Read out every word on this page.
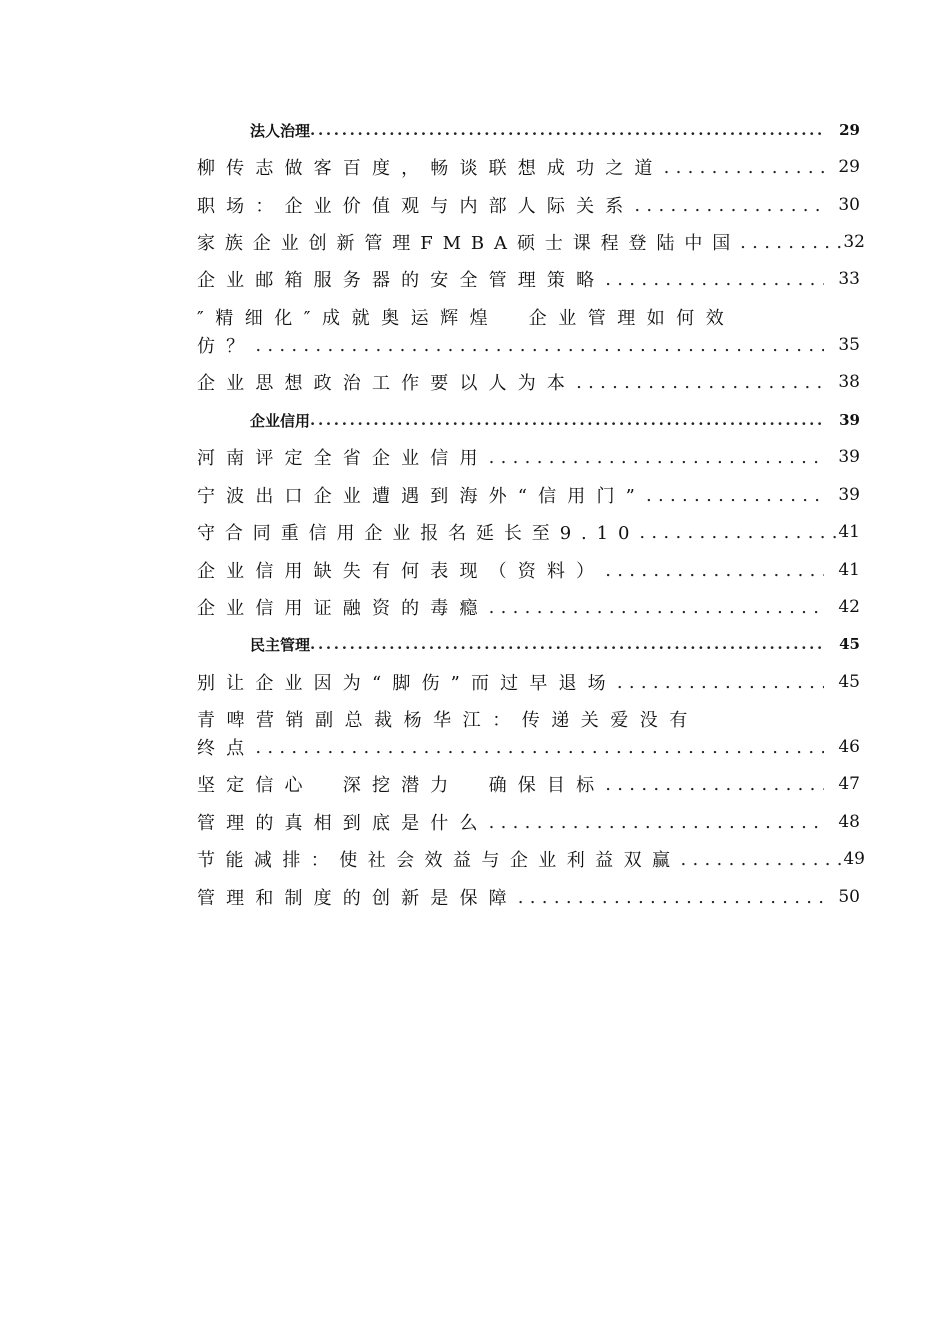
法人治理 .....	29
柳传志做客百度，畅谈联想成功之道 .....	29
职场：企业价值观与内部人际关系 .....	30
家族企业创新管理FMBA硕士课程登陆中国 .....	32
企业邮箱服务器的安全管理策略 .....	33
″精细化″成就奥运辉煌　企业管理如何效
仿？ .....	35
企业思想政治工作要以人为本 .....	38
企业信用 .....	39
河南评定全省企业信用 .....	39
宁波出口企业遭遇到海外“信用门” .....	39
守合同重信用企业报名延长至9.10 .....	41
企业信用缺失有何表现（资料） .....	41
企业信用证融资的毒瘾 .....	42
民主管理 .....	45
别让企业因为“脚伤”而过早退场 .....	45
青啤营销副总裁杨华江：传递关爱没有
终点 .....	46
坚定信心　深挖潜力　确保目标 .....	47
管理的真相到底是什么 .....	48
节能减排：使社会效益与企业利益双赢 .....	49
管理和制度的创新是保障 .....	50
